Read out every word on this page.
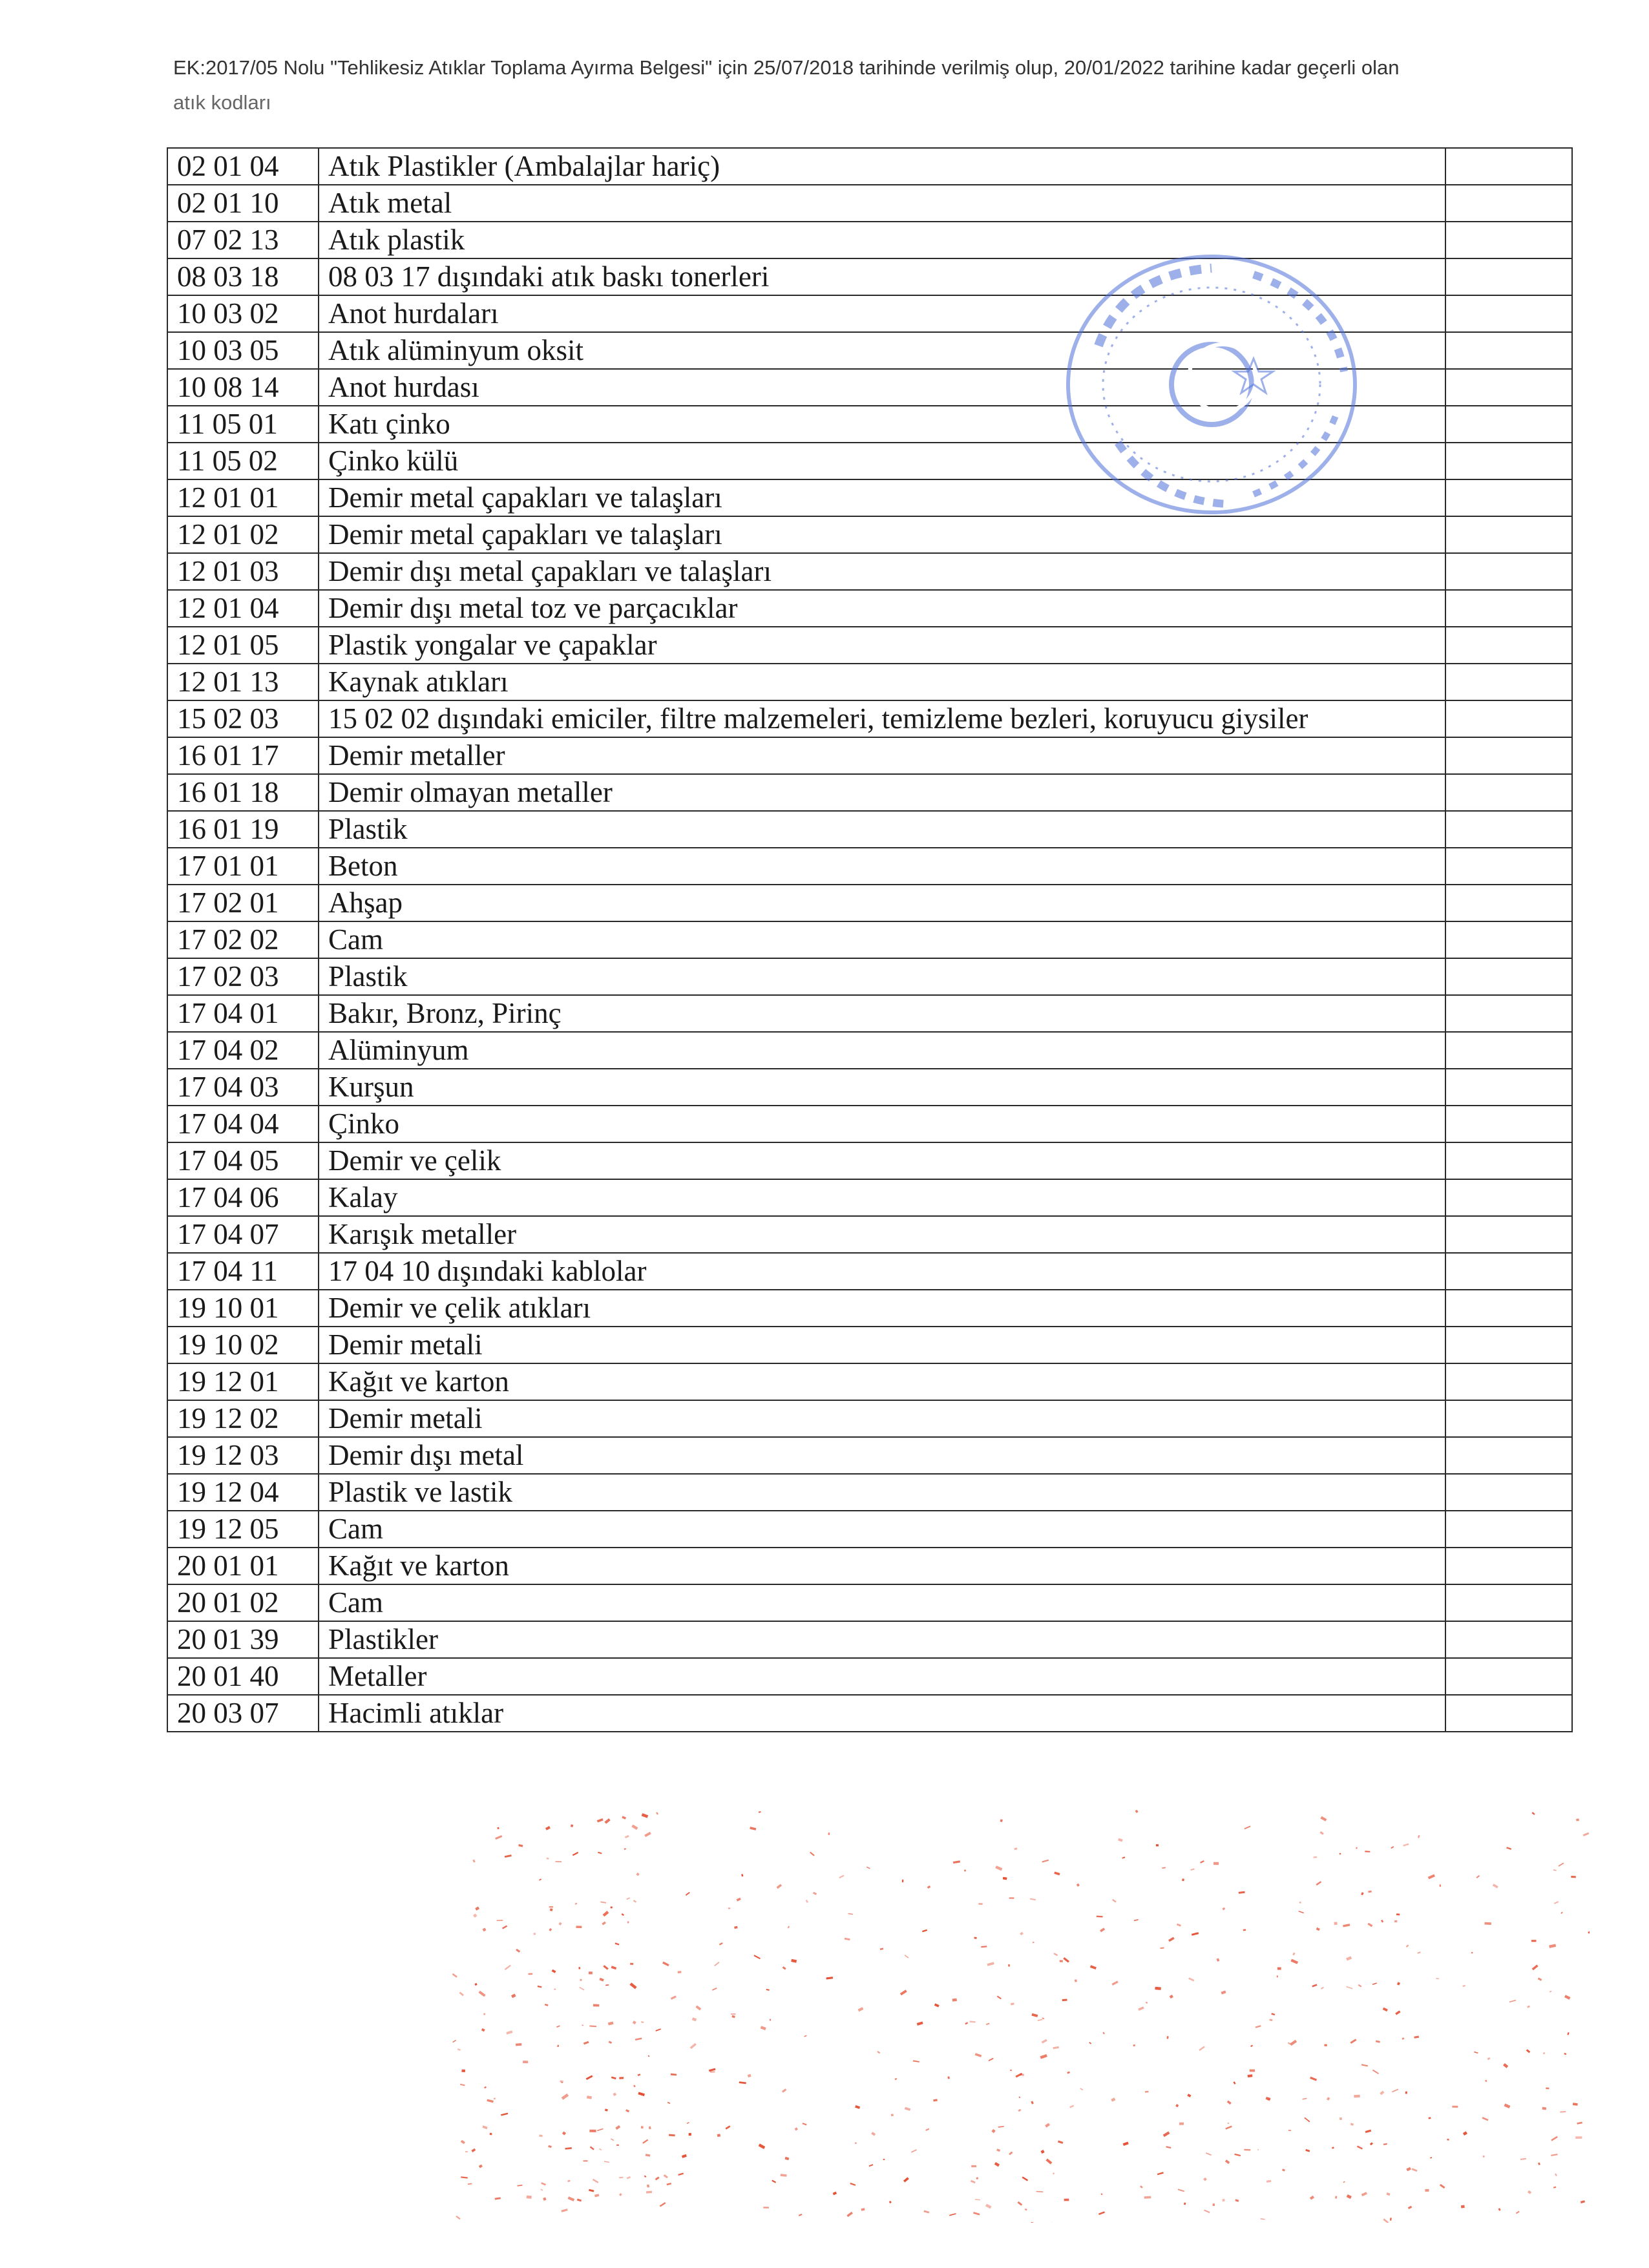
EK:2017/05 Nolu "Tehlikesiz Atıklar Toplama Ayırma Belgesi" için 25/07/2018 tarihinde verilmiş olup, 20/01/2022 tarihine kadar geçerli olan
atık kodları
02 01 04	Atık Plastikler (Ambalajlar hariç)	
02 01 10	Atık metal	
07 02 13	Atık plastik	
08 03 18	08 03 17 dışındaki atık baskı tonerleri	
10 03 02	Anot hurdaları	
10 03 05	Atık alüminyum oksit	
10 08 14	Anot hurdası	
11 05 01	Katı çinko	
11 05 02	Çinko külü	
12 01 01	Demir metal çapakları ve talaşları	
12 01 02	Demir metal çapakları ve talaşları	
12 01 03	Demir dışı metal çapakları ve talaşları	
12 01 04	Demir dışı metal toz ve parçacıklar	
12 01 05	Plastik yongalar ve çapaklar	
12 01 13	Kaynak atıkları	
15 02 03	15 02 02 dışındaki emiciler, filtre malzemeleri, temizleme bezleri, koruyucu giysiler	
16 01 17	Demir metaller	
16 01 18	Demir olmayan metaller	
16 01 19	Plastik	
17 01 01	Beton	
17 02 01	Ahşap	
17 02 02	Cam	
17 02 03	Plastik	
17 04 01	Bakır, Bronz, Pirinç	
17 04 02	Alüminyum	
17 04 03	Kurşun	
17 04 04	Çinko	
17 04 05	Demir ve çelik	
17 04 06	Kalay	
17 04 07	Karışık metaller	
17 04 11	17 04 10 dışındaki kablolar	
19 10 01	Demir ve çelik atıkları	
19 10 02	Demir metali	
19 12 01	Kağıt ve karton	
19 12 02	Demir metali	
19 12 03	Demir dışı metal	
19 12 04	Plastik ve lastik	
19 12 05	Cam	
20 01 01	Kağıt ve karton	
20 01 02	Cam	
20 01 39	Plastikler	
20 01 40	Metaller	
20 03 07	Hacimli atıklar	
